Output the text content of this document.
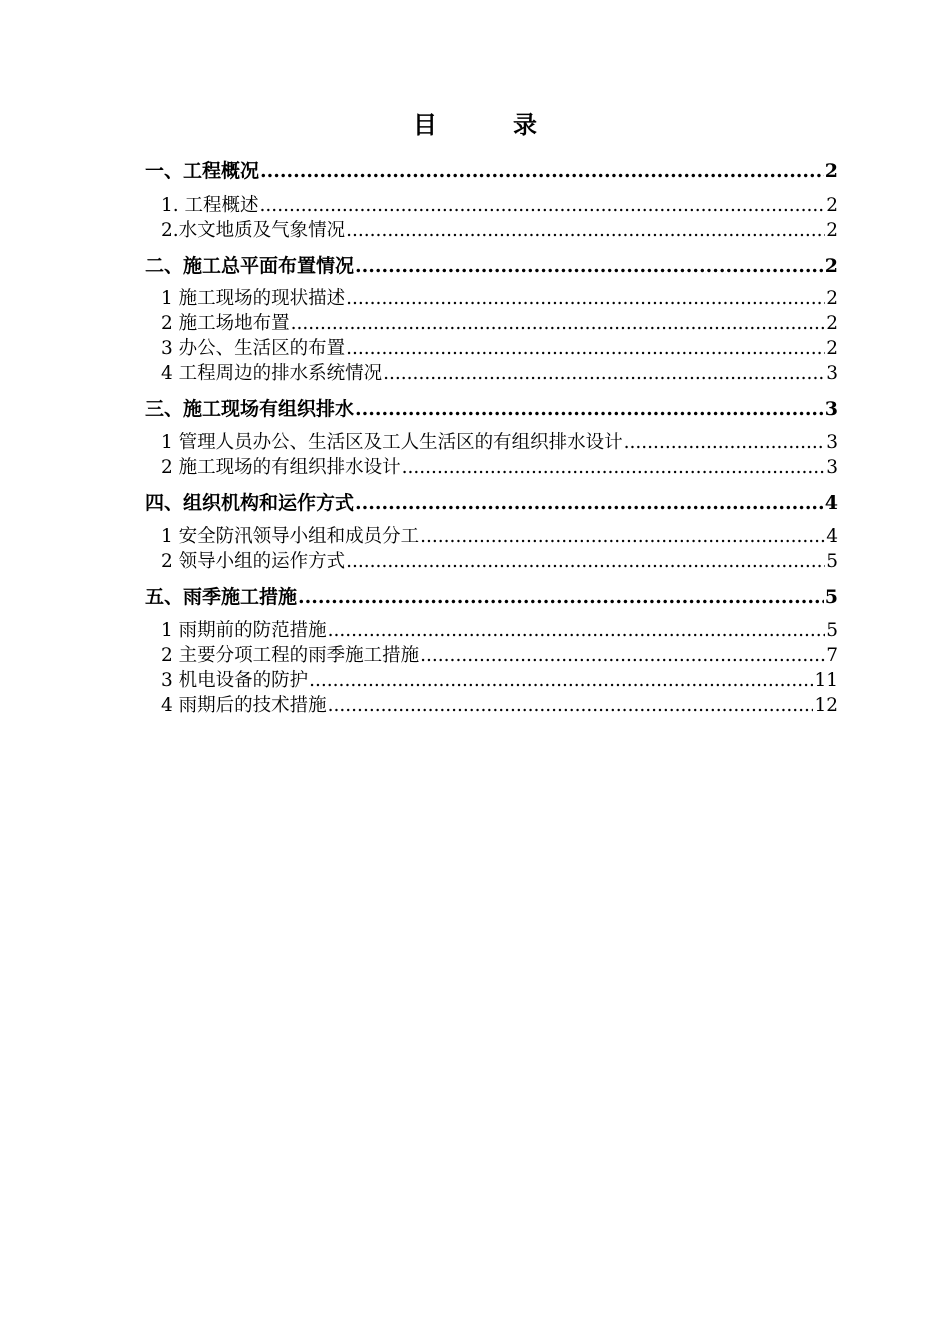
目　录
一、工程概况 .....	2
1. 工程概述 .....	2
2.水文地质及气象情况 .....	2
二、施工总平面布置情况 .....	2
1 施工现场的现状描述 .....	2
2 施工场地布置 .....	2
3 办公、生活区的布置 .....	2
4 工程周边的排水系统情况 .....	3
三、施工现场有组织排水 .....	3
1 管理人员办公、生活区及工人生活区的有组织排水设计 .....	3
2 施工现场的有组织排水设计 .....	3
四、组织机构和运作方式 .....	4
1 安全防汛领导小组和成员分工 .....	4
2 领导小组的运作方式 .....	5
五、雨季施工措施 .....	5
1 雨期前的防范措施 .....	5
2 主要分项工程的雨季施工措施 .....	7
3 机电设备的防护 .....	11
4 雨期后的技术措施 .....	12
